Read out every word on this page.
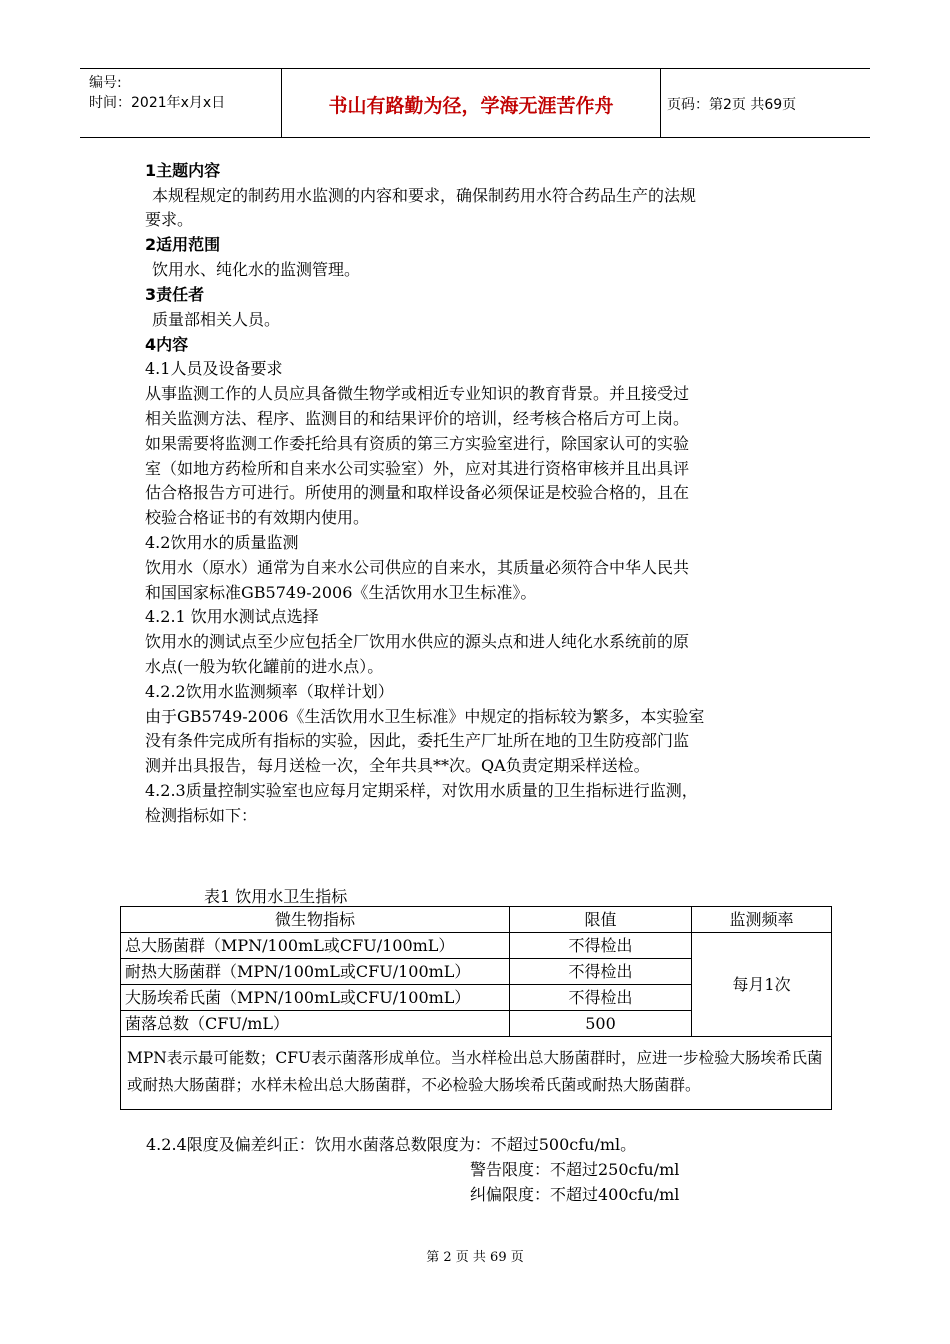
编号:
时间：2021年x月x日	书山有路勤为径，学海无涯苦作舟	页码：第2页 共69页
1主题内容
本规程规定的制药用水监测的内容和要求，确保制药用水符合药品生产的法规
要求。
2适用范围
饮用水、纯化水的监测管理。
3责任者
质量部相关人员。
4内容
4.1人员及设备要求
从事监测工作的人员应具备微生物学或相近专业知识的教育背景。并且接受过
相关监测方法、程序、监测目的和结果评价的培训，经考核合格后方可上岗。
如果需要将监测工作委托给具有资质的第三方实验室进行，除国家认可的实验
室（如地方药检所和自来水公司实验室）外，应对其进行资格审核并且出具评
估合格报告方可进行。所使用的测量和取样设备必须保证是校验合格的，且在
校验合格证书的有效期内使用。
4.2饮用水的质量监测
饮用水（原水）通常为自来水公司供应的自来水，其质量必须符合中华人民共
和国国家标准GB5749-2006《生活饮用水卫生标准》。
4.2.1 饮用水测试点选择
饮用水的测试点至少应包括全厂饮用水供应的源头点和进人纯化水系统前的原
水点(一般为软化罐前的进水点）。
4.2.2饮用水监测频率（取样计划）
由于GB5749-2006《生活饮用水卫生标准》中规定的指标较为繁多，本实验室
没有条件完成所有指标的实验，因此，委托生产厂址所在地的卫生防疫部门监
测并出具报告，每月送检一次，全年共具**次。QA负责定期采样送检。
4.2.3质量控制实验室也应每月定期采样，对饮用水质量的卫生指标进行监测，
检测指标如下：
表1 饮用水卫生指标
微生物指标	限值	监测频率
总大肠菌群（MPN/100mL或CFU/100mL）	不得检出	每月1次
耐热大肠菌群（MPN/100mL或CFU/100mL）	不得检出	
大肠埃希氏菌（MPN/100mL或CFU/100mL）	不得检出	
菌落总数（CFU/mL）	500	
MPN表示最可能数；CFU表示菌落形成单位。当水样检出总大肠菌群时，应进一步检验大肠埃希氏菌或耐热大肠菌群；水样未检出总大肠菌群，不必检验大肠埃希氏菌或耐热大肠菌群。		
4.2.4限度及偏差纠正：饮用水菌落总数限度为：不超过500cfu/ml。
警告限度：不超过250cfu/ml
纠偏限度：不超过400cfu/ml
第 2 页 共 69 页
